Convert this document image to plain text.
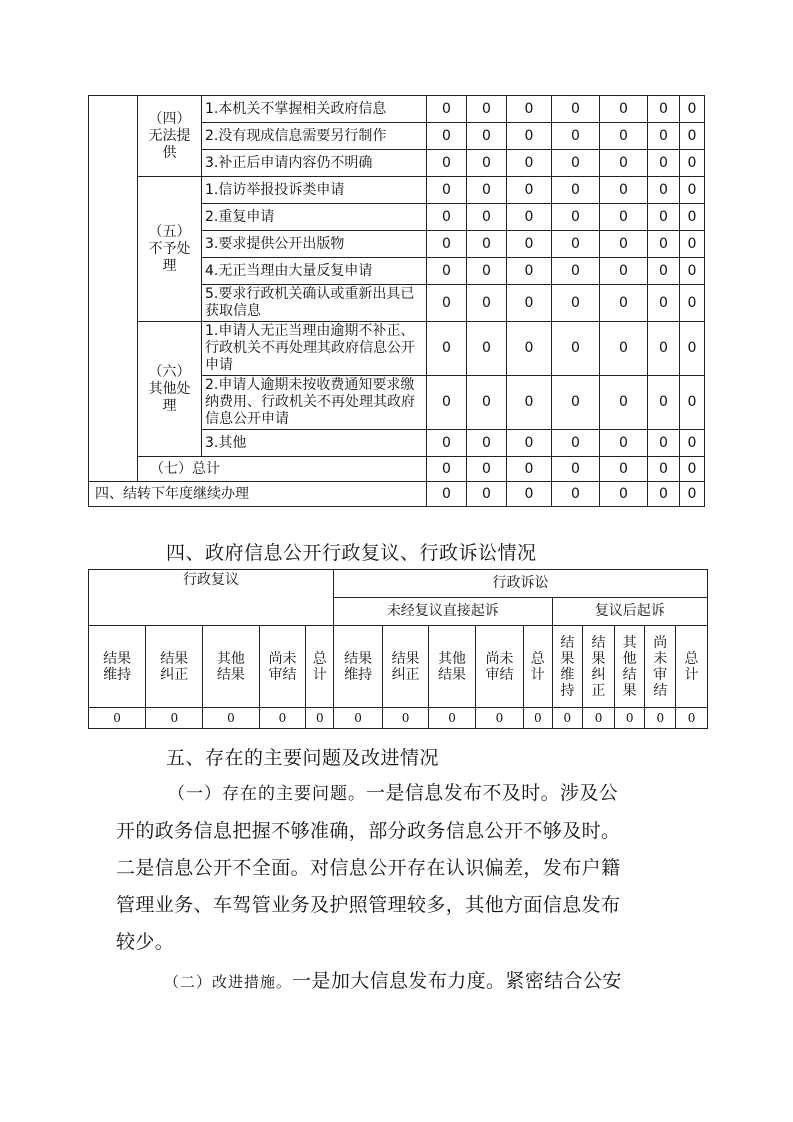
	（四）无法提供	1.本机关不掌握相关政府信息	0	0	0	0	0	0	0
		2.没有现成信息需要另行制作	0	0	0	0	0	0	0
		3.补正后申请内容仍不明确	0	0	0	0	0	0	0
	（五）不予处理	1.信访举报投诉类申请	0	0	0	0	0	0	0
		2.重复申请	0	0	0	0	0	0	0
		3.要求提供公开出版物	0	0	0	0	0	0	0
		4.无正当理由大量反复申请	0	0	0	0	0	0	0
		5.要求行政机关确认或重新出具已获取信息	0	0	0	0	0	0	0
	（六）其他处理	1.申请人无正当理由逾期不补正、行政机关不再处理其政府信息公开申请	0	0	0	0	0	0	0
		2.申请人逾期未按收费通知要求缴纳费用、行政机关不再处理其政府信息公开申请	0	0	0	0	0	0	0
		3.其他	0	0	0	0	0	0	0
	（七）总计		0	0	0	0	0	0	0
四、结转下年度继续办理			0	0	0	0	0	0	0
四、政府信息公开行政复议、行政诉讼情况
行政复议					行政诉讼									
					未经复议直接起诉					复议后起诉				
结果维持	结果纠正	其他结果	尚未审结	总计	结果维持	结果纠正	其他结果	尚未审结	总计	结果维持	结果纠正	其他结果	尚未审结	总计
0	0	0	0	0	0	0	0	0	0	0	0	0	0	0
五、存在的主要问题及改进情况
（一）存在的主要问题。一是信息发布不及时。涉及公
开的政务信息把握不够准确，部分政务信息公开不够及时。
二是信息公开不全面。对信息公开存在认识偏差，发布户籍
管理业务、车驾管业务及护照管理较多，其他方面信息发布
较少。
（二）改进措施。一是加大信息发布力度。紧密结合公安
